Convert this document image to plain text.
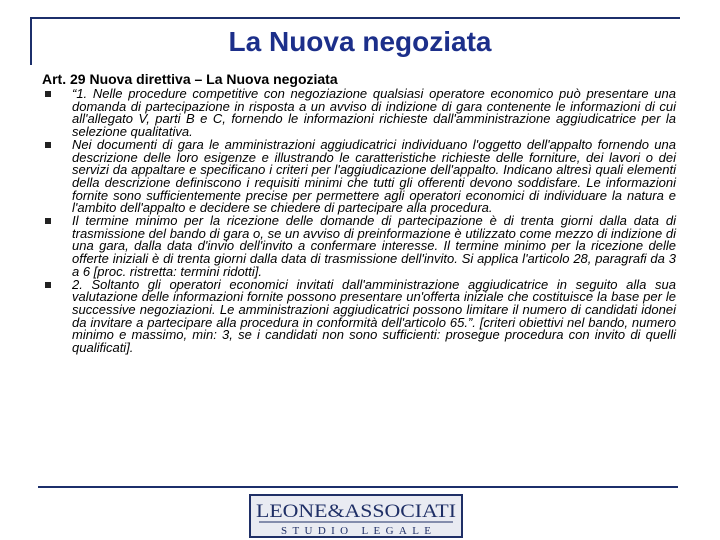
La Nuova negoziata
Art. 29 Nuova direttiva – La Nuova negoziata
“1. Nelle procedure competitive con negoziazione qualsiasi operatore economico può presentare una domanda di partecipazione in risposta a un avviso di indizione di gara contenente le informazioni di cui all'allegato V, parti B e C, fornendo le informazioni richieste dall'amministrazione aggiudicatrice per la selezione qualitativa.
Nei documenti di gara le amministrazioni aggiudicatrici individuano l'oggetto dell'appalto fornendo una descrizione delle loro esigenze e illustrando le caratteristiche richieste delle forniture, dei lavori o dei servizi da appaltare e specificano i criteri per l'aggiudicazione dell'appalto. Indicano altresì quali elementi della descrizione definiscono i requisiti minimi che tutti gli offerenti devono soddisfare. Le informazioni fornite sono sufficientemente precise per permettere agli operatori economici di individuare la natura e l'ambito dell'appalto e decidere se chiedere di partecipare alla procedura.
Il termine minimo per la ricezione delle domande di partecipazione è di trenta giorni dalla data di trasmissione del bando di gara o, se un avviso di preinformazione è utilizzato come mezzo di indizione di una gara, dalla data d'invio dell'invito a confermare interesse. Il termine minimo per la ricezione delle offerte iniziali è di trenta giorni dalla data di trasmissione dell'invito. Si applica l'articolo 28, paragrafi da 3 a 6 [proc. ristretta: termini ridotti].
2. Soltanto gli operatori economici invitati dall'amministrazione aggiudicatrice in seguito alla sua valutazione delle informazioni fornite possono presentare un'offerta iniziale che costituisce la base per le successive negoziazioni. Le amministrazioni aggiudicatrici possono limitare il numero di candidati idonei da invitare a partecipare alla procedura in conformità dell'articolo 65.”. [criteri obiettivi nel bando, numero minimo e massimo, min: 3, se i candidati non sono sufficienti: prosegue procedura con invito di quelli qualificati].
LEONE&ASSOCIATI
STUDIO LEGALE
